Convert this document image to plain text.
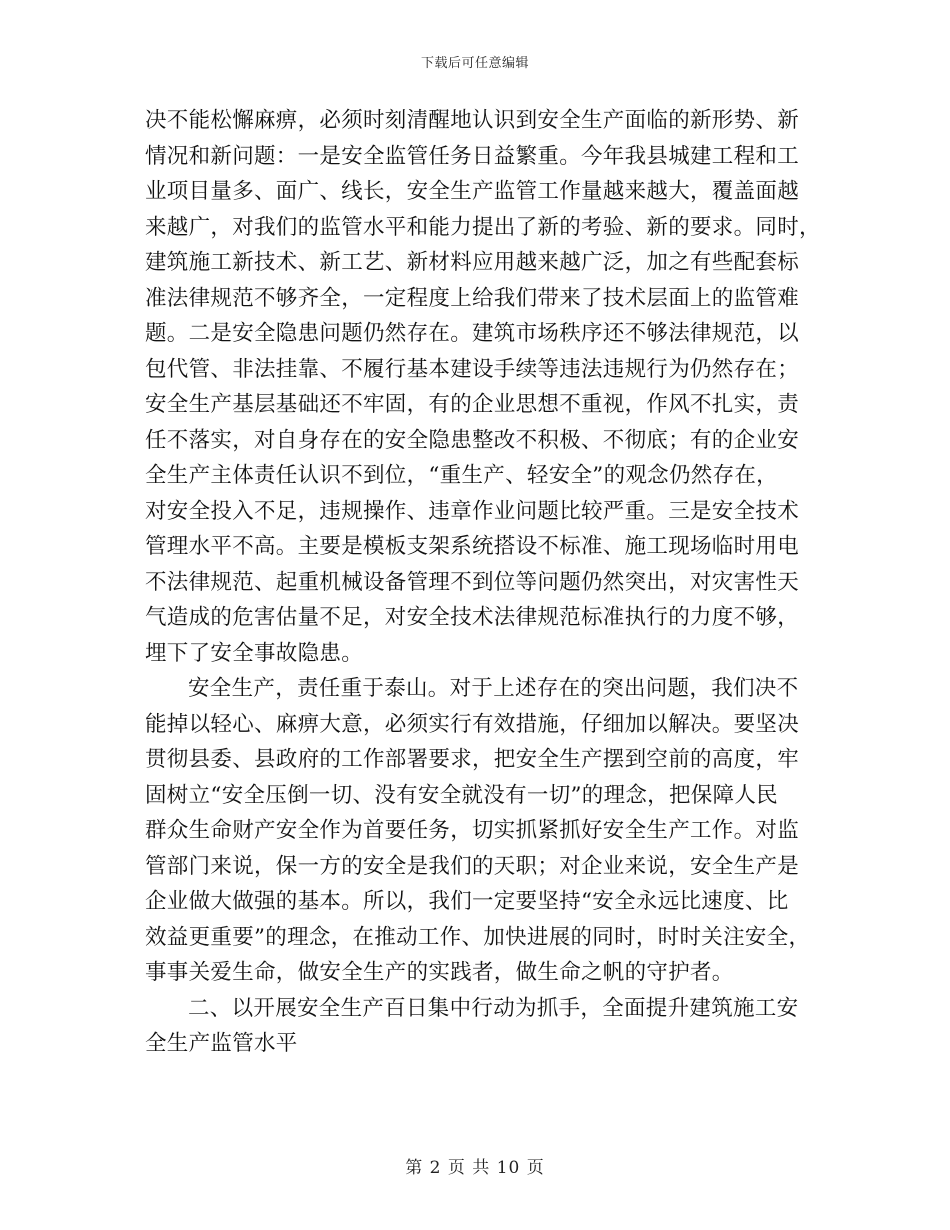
下载后可任意编辑

决不能松懈麻痹，必须时刻清醒地认识到安全生产面临的新形势、新
情况和新问题：一是安全监管任务日益繁重。今年我县城建工程和工
业项目量多、面广、线长，安全生产监管工作量越来越大，覆盖面越
来越广，对我们的监管水平和能力提出了新的考验、新的要求。同时，
建筑施工新技术、新工艺、新材料应用越来越广泛，加之有些配套标
准法律规范不够齐全，一定程度上给我们带来了技术层面上的监管难
题。二是安全隐患问题仍然存在。建筑市场秩序还不够法律规范，以
包代管、非法挂靠、不履行基本建设手续等违法违规行为仍然存在；
安全生产基层基础还不牢固，有的企业思想不重视，作风不扎实，责
任不落实，对自身存在的安全隐患整改不积极、不彻底；有的企业安
全生产主体责任认识不到位，“重生产、轻安全”的观念仍然存在，
对安全投入不足，违规操作、违章作业问题比较严重。三是安全技术
管理水平不高。主要是模板支架系统搭设不标准、施工现场临时用电
不法律规范、起重机械设备管理不到位等问题仍然突出，对灾害性天
气造成的危害估量不足，对安全技术法律规范标准执行的力度不够，
埋下了安全事故隐患。

安全生产，责任重于泰山。对于上述存在的突出问题，我们决不
能掉以轻心、麻痹大意，必须实行有效措施，仔细加以解决。要坚决
贯彻县委、县政府的工作部署要求，把安全生产摆到空前的高度，牢
固树立“安全压倒一切、没有安全就没有一切”的理念，把保障人民
群众生命财产安全作为首要任务，切实抓紧抓好安全生产工作。对监
管部门来说，保一方的安全是我们的天职；对企业来说，安全生产是
企业做大做强的基本。所以，我们一定要坚持“安全永远比速度、比
效益更重要”的理念，在推动工作、加快进展的同时，时时关注安全，
事事关爱生命，做安全生产的实践者，做生命之帆的守护者。

二、以开展安全生产百日集中行动为抓手，全面提升建筑施工安
全生产监管水平

第 2 页 共 10 页
